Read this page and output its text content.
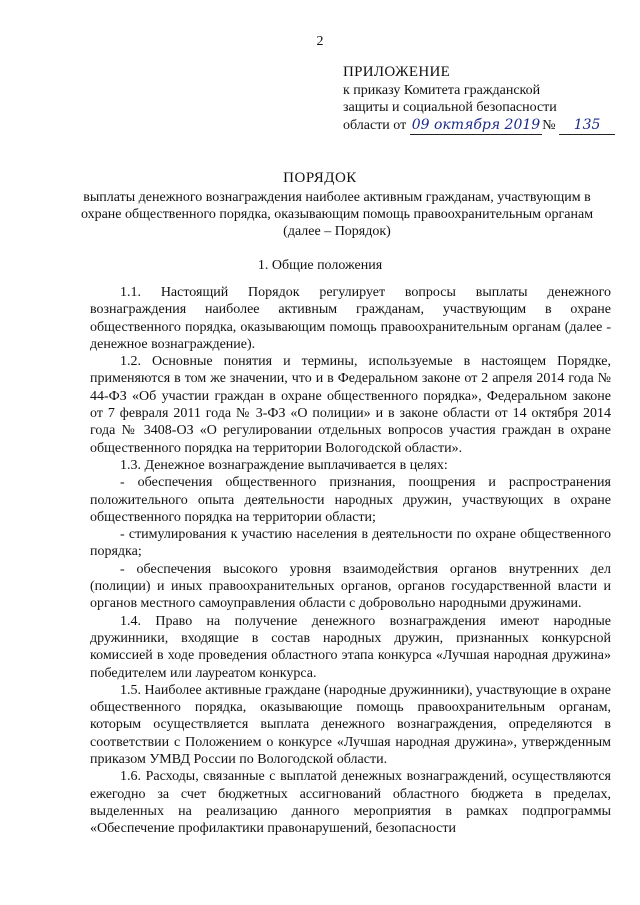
2
ПРИЛОЖЕНИЕ
к приказу Комитета гражданской
защиты и социальной безопасности
области от 09 октября 2019 № 135
ПОРЯДОК
выплаты денежного вознаграждения наиболее активным гражданам, участвующим в охране общественного порядка, оказывающим помощь правоохранительным органам (далее – Порядок)
1. Общие положения

1.1. Настоящий Порядок регулирует вопросы выплаты денежного вознаграждения наиболее активным гражданам, участвующим в охране общественного порядка, оказывающим помощь правоохранительным органам (далее - денежное вознаграждение).

1.2. Основные понятия и термины, используемые в настоящем Порядке, применяются в том же значении, что и в Федеральном законе от 2 апреля 2014 года № 44-ФЗ «Об участии граждан в охране общественного порядка», Федеральном законе от 7 февраля 2011 года № 3-ФЗ «О полиции» и в законе области от 14 октября 2014 года № 3408-ОЗ «О регулировании отдельных вопросов участия граждан в охране общественного порядка на территории Вологодской области».

1.3. Денежное вознаграждение выплачивается в целях:

- обеспечения общественного признания, поощрения и распространения положительного опыта деятельности народных дружин, участвующих в охране общественного порядка на территории области;

- стимулирования к участию населения в деятельности по охране общественного порядка;

- обеспечения высокого уровня взаимодействия органов внутренних дел (полиции) и иных правоохранительных органов, органов государственной власти и органов местного самоуправления области с добровольно народными дружинами.

1.4. Право на получение денежного вознаграждения имеют народные дружинники, входящие в состав народных дружин, признанных конкурсной комиссией в ходе проведения областного этапа конкурса «Лучшая народная дружина» победителем или лауреатом конкурса.

1.5. Наиболее активные граждане (народные дружинники), участвующие в охране общественного порядка, оказывающие помощь правоохранительным органам, которым осуществляется выплата денежного вознаграждения, определяются в соответствии с Положением о конкурсе «Лучшая народная дружина», утвержденным приказом УМВД России по Вологодской области.

1.6. Расходы, связанные с выплатой денежных вознаграждений, осуществляются ежегодно за счет бюджетных ассигнований областного бюджета в пределах, выделенных на реализацию данного мероприятия в рамках подпрограммы «Обеспечение профилактики правонарушений, безопасности
